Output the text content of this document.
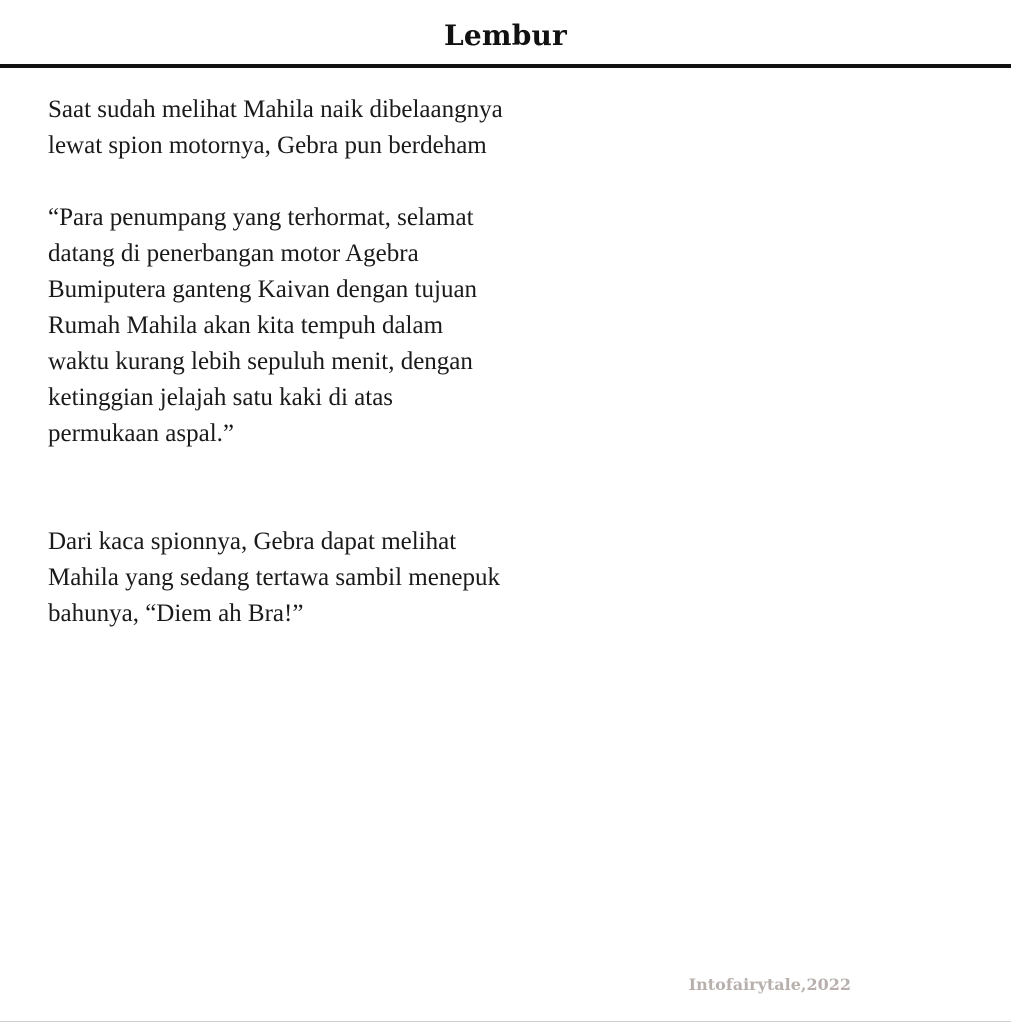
Lembur

Saat sudah melihat Mahila naik dibelaangnya
lewat spion motornya, Gebra pun berdeham

“Para penumpang yang terhormat, selamat
datang di penerbangan motor Agebra
Bumiputera ganteng Kaivan dengan tujuan
Rumah Mahila akan kita tempuh dalam
waktu kurang lebih sepuluh menit, dengan
ketinggian jelajah satu kaki di atas
permukaan aspal.”

Dari kaca spionnya, Gebra dapat melihat
Mahila yang sedang tertawa sambil menepuk
bahunya, “Diem ah Bra!”

Intofairytale,2022
